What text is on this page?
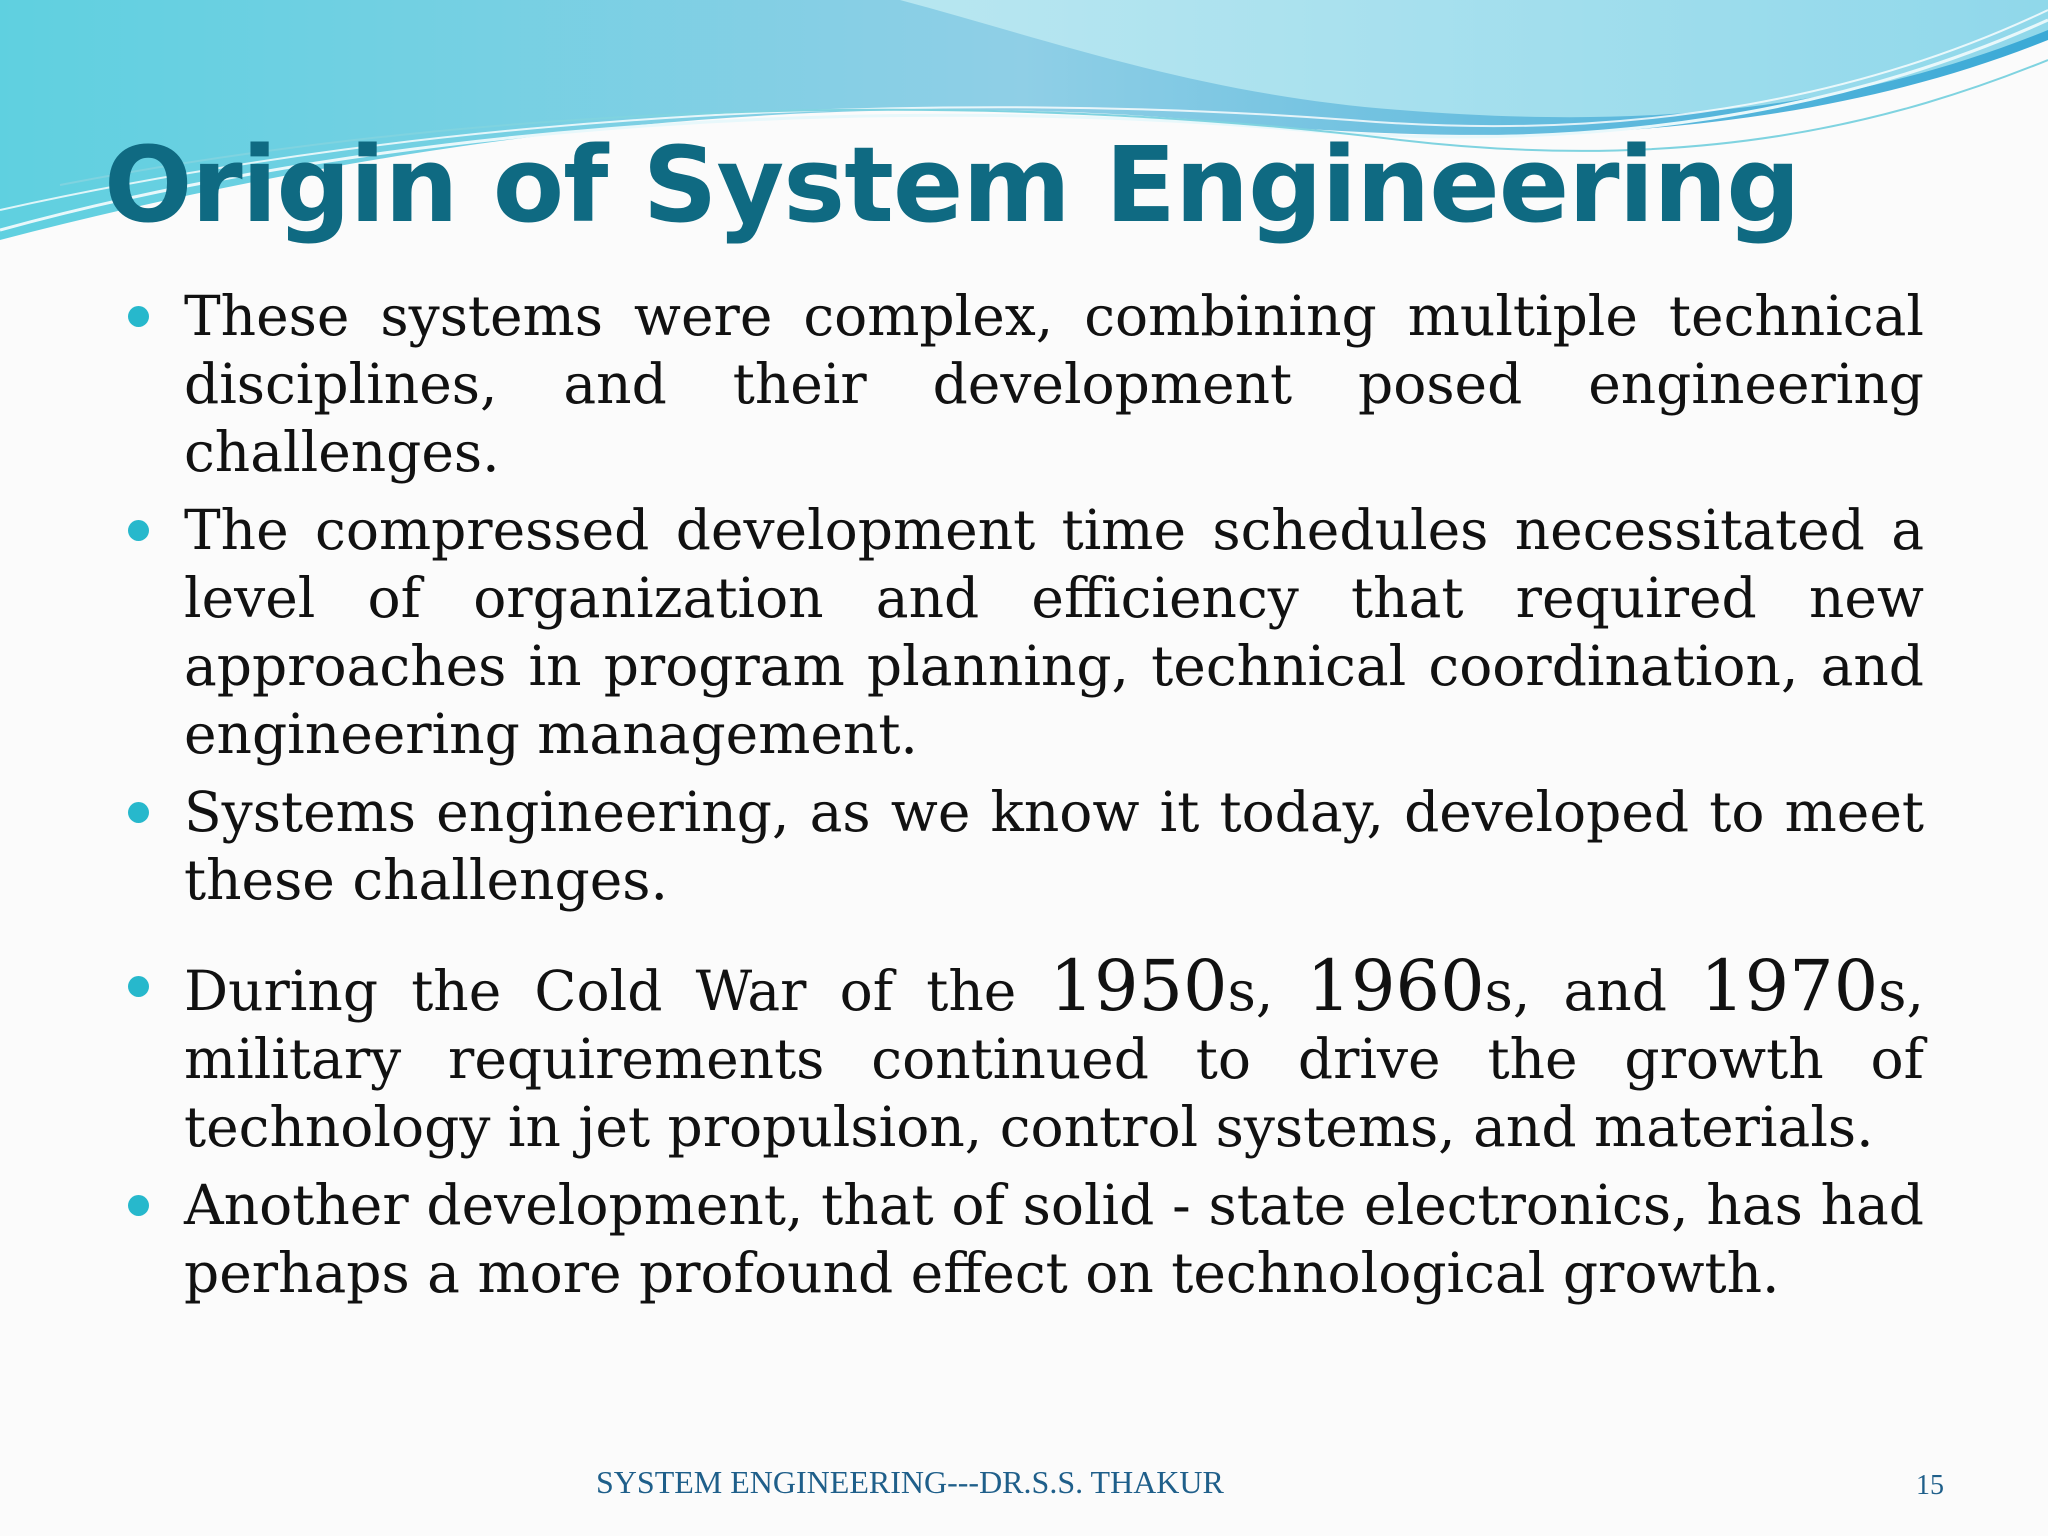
Origin of System Engineering
These systems were complex, combining multiple technical disciplines, and their development posed engineering challenges.
The compressed development time schedules necessitated a level of organization and efficiency that required new approaches in program planning, technical coordination, and engineering management.
Systems engineering, as we know it today, developed to meet these challenges.
During the Cold War of the 1950s, 1960s, and 1970s, military requirements continued to drive the growth of technology in jet propulsion, control systems, and materials.
Another development, that of solid - state electronics, has had perhaps a more profound effect on technological growth.
SYSTEM ENGINEERING---DR.S.S. THAKUR	15
